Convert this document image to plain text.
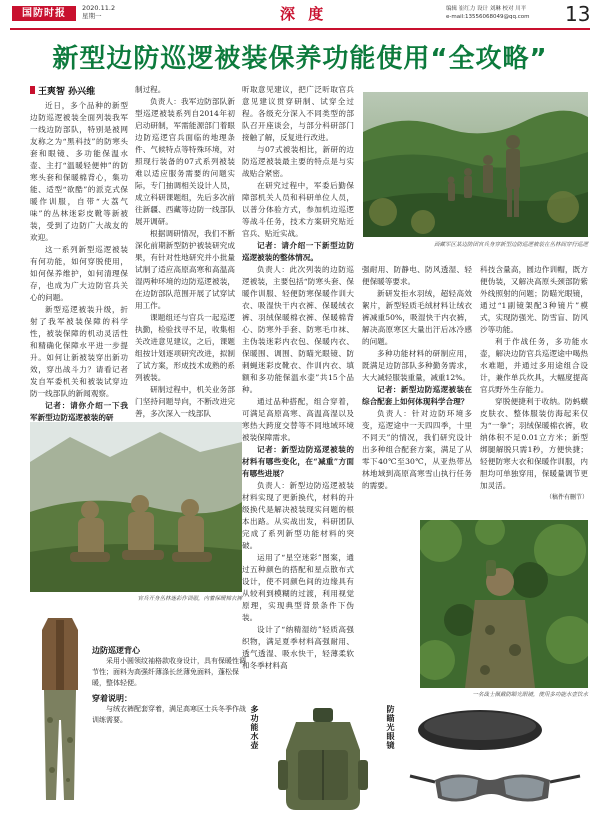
国防时报	2020.11.2
星期一	深 度	编辑 崔红力 设计 刘琳 校对 川平
e-mail:13556068049@qq.com	13
新型边防巡逻被装保养功能使用“全攻略”
王爽智 孙兴维

近日，多个品种的新型边防巡逻被装全面列装我军一线边防部队，特别是被网友称之为“黑科技”的防寒头套和眼镜、多功能保温水壶、主打“温暖轻便伸”的防寒头套和保暖棉背心，集功能、适型“欲酷”的派克式保暖作训服，自带“大荔气味”的丛林迷彩皮靴等新被装，受到了边防广大战友的欢迎。

这一系列新型巡逻被装有何功能，如何穿脱使用，如何保养维护，如何清理保存，也成为广大边防官兵关心的问题。

新型巡逻被装升级，折射了我军被装保障的科学性，被装保障的机动灵活性和精确化保障水平进一步提升。如何让新被装穿出新功效，穿出战斗力？请看记者发自军委机关和被装试穿边防一线部队的新闻观察。

记者：请你介绍一下我军新型边防巡逻被装的研

制过程。

负责人：我军边防部队新型巡逻被装系列自2014年初启动研制，军需能源部门着眼边防巡逻官兵面临的地理条件、气候特点等特殊环境，对照现行装备的07式系列被装难以适应服务需要的问题实际，专门抽调相关设计人员，成立科研课题组，先后多次前往新疆、西藏等边防一线部队展开调研。

根据调研情况，我们不断深化前期新型防护被装研究成果，有针对性地研究并小批量试制了适应高原高寒和高温高湿两种环境的边防巡逻被装，在边防部队范围开展了试穿试用工作。

课题组还与官兵一起巡逻执勤，检验找寻不足，收集相关改进意见建议，之后，课题组按计划逐项研究改进，拟制了试方案，形成技术成熟的系列被装。

研制过程中，机关业务部门坚持问题导向，不断改进完善，多次深入一线部队

听取意见建议，把广泛听取官兵意见建议贯穿研制、试穿全过程。各级充分深入不同类型的部队召开座谈会，与部分科研部门接触了解，反复进行改进。

与07式被装相比，新研的边防巡逻被装最主要的特点是与实战贴合紧密。

在研究过程中，军委后勤保障部机关人员和科研单位人员，以普分体验方式，参加机边巡逻等战斗任务，技术方案研究贴近官兵、贴近实战。

记者：请介绍一下新型边防巡逻被装的整体情况。

负责人：此次列装的边防巡逻被装，主要包括“防寒头套、保暖作训服、轻便防寒保暖作训大衣、吸湿快干内衣裤、保暖绒衣裤、羽绒保暖棉衣裤、保暖棉背心、防寒外手套、防寒毛巾袜、主伪装迷彩内衣包、保暖内衣、保暖围、调围、防瞄光眼镜、防刺蝇迷彩皮靴衣、作训内衣、填额和多功能保温水壶”共15个品种。

通过品种搭配，组合穿着，可满足高原高寒、高温高湿以及寒热大跨度交替等不同地域环境被装保障需求。

记者：新型边防巡逻被装的材料有哪些变化，在“减重”方面有哪些进展？

负责人：新型边防巡逻被装材料实现了更新换代，材料的升级换代是解决被装现实问题的根本出路。从实战出发，科研团队完成了系列新型功能材料的突破。

运用了“星空迷彩”图案，通过五种颜色的搭配和星点散布式设计，使不同颜色间的边缘具有从较利到模糊的过渡，利用视觉原理，实现典型背景条件下伪装。

设计了“纳精湿纺”轻质高强织物，满足夏季材料高强耐用、透气透湿、吸水快干，轻薄柔软和冬季材料高

强耐用、防静电、防风透湿、轻便保暖等要求。

新研发拒水羽绒，超轻高效絮片，新型轻质毛绒材料让绒衣裤减重50%，吸湿快干内衣裤，解决高原寒区大量出汗后冰冷感的问题。

多种功能材料的研制应用，既满足边防部队多种勤务需求，大大减轻服装重量，减重12%。

记者：新型边防巡逻被装在综合配套上如何体现科学合理？

负责人：针对边防环境多变，巡逻途中一天四四季，十里不同天”的情况，我们研究设计出多种组合配套方案，满足了从零下40℃至30℃，从亚热带丛林地域到高原高寒雪山执行任务的需要。

科技含量高，圆边作训帽，既方便伪装，又解决高原头颈部防紫外线照射的问题；防瞄光眼镜，通过“1副镜架配3种镜片”模式，实现防强光、防雪盲、防风沙等功能。

利于作战任务，多功能水壶，解决边防官兵巡逻途中喝热水难题，并通过多用途组合设计，兼作单兵炊具，大幅度提高官兵野外生存能力。

穿脱便捷利于收纳。防蚂蟥皮肤衣、整体服装仿海起来仅为“一拳”；羽绒保暖棉衣裤，收纳体积不足0.01立方米；新型绑腿解脱只需1秒，方便快捷；轻便防寒大衣和保暖作训服，内胆均可单独穿用，保暖量调节更加灵活。

（稿件有删节）

西藏军区某边防团官兵身穿新型边防巡逻被装在丛林间穿行巡逻
官兵开身丛林迷彩作训服，内着保暖棉衣裤

边防巡逻背心

采用小圆领纹袖格款收身设计，具有保暖性调节性；面料为高强纤薄涤长丝薄免面料，蓬松保暖，整体轻便。

穿着说明：

与绒衣裤配套穿着，满足高寒区士兵冬季作战训练需要。	多功能水壶	防瞄光眼镜
一名战士佩戴防瞄光眼镜，使用多功能水壶饮水
